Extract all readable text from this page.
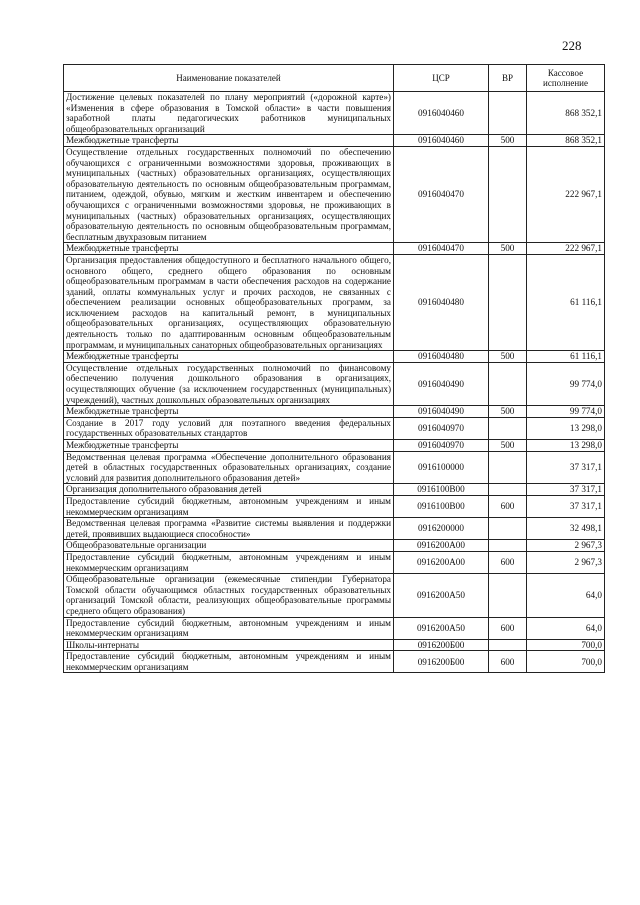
228
Наименование показателей	ЦСР	ВР	Кассовое исполнение
Достижение целевых показателей по плану мероприятий («дорожной карте») «Изменения в сфере образования в Томской области» в части повышения заработной платы педагогических работников муниципальных общеобразовательных организаций	0916040460		868 352,1
Межбюджетные трансферты	0916040460	500	868 352,1
Осуществление отдельных государственных полномочий по обеспечению обучающихся с ограниченными возможностями здоровья, проживающих в муниципальных (частных) образовательных организациях, осуществляющих образовательную деятельность по основным общеобразовательным программам, питанием, одеждой, обувью, мягким и жестким инвентарем и обеспечению обучающихся с ограниченными возможностями здоровья, не проживающих в муниципальных (частных) образовательных организациях, осуществляющих образовательную деятельность по основным общеобразовательным программам, бесплатным двухразовым питанием	0916040470		222 967,1
Межбюджетные трансферты	0916040470	500	222 967,1
Организация предоставления общедоступного и бесплатного начального общего, основного общего, среднего общего образования по основным общеобразовательным программам в части обеспечения расходов на содержание зданий, оплаты коммунальных услуг и прочих расходов, не связанных с обеспечением реализации основных общеобразовательных программ, за исключением расходов на капитальный ремонт, в муниципальных общеобразовательных организациях, осуществляющих образовательную деятельность только по адаптированным основным общеобразовательным программам, и муниципальных санаторных общеобразовательных организациях	0916040480		61 116,1
Межбюджетные трансферты	0916040480	500	61 116,1
Осуществление отдельных государственных полномочий по финансовому обеспечению получения дошкольного образования в организациях, осуществляющих обучение (за исключением государственных (муниципальных) учреждений), частных дошкольных образовательных организациях	0916040490		99 774,0
Межбюджетные трансферты	0916040490	500	99 774,0
Создание в 2017 году условий для поэтапного введения федеральных государственных образовательных стандартов	0916040970		13 298,0
Межбюджетные трансферты	0916040970	500	13 298,0
Ведомственная целевая программа «Обеспечение дополнительного образования детей в областных государственных образовательных организациях, создание условий для развития дополнительного образования детей»	0916100000		37 317,1
Организация дополнительного образования детей	0916100В00		37 317,1
Предоставление субсидий бюджетным, автономным учреждениям и иным некоммерческим организациям	0916100В00	600	37 317,1
Ведомственная целевая программа «Развитие системы выявления и поддержки детей, проявивших выдающиеся способности»	0916200000		32 498,1
Общеобразовательные организации	0916200А00		2 967,3
Предоставление субсидий бюджетным, автономным учреждениям и иным некоммерческим организациям	0916200А00	600	2 967,3
Общеобразовательные организации (ежемесячные стипендии Губернатора Томской области обучающимся областных государственных образовательных организаций Томской области, реализующих общеобразовательные программы среднего общего образования)	0916200А50		64,0
Предоставление субсидий бюджетным, автономным учреждениям и иным некоммерческим организациям	0916200А50	600	64,0
Школы-интернаты	0916200Б00		700,0
Предоставление субсидий бюджетным, автономным учреждениям и иным некоммерческим организациям	0916200Б00	600	700,0
